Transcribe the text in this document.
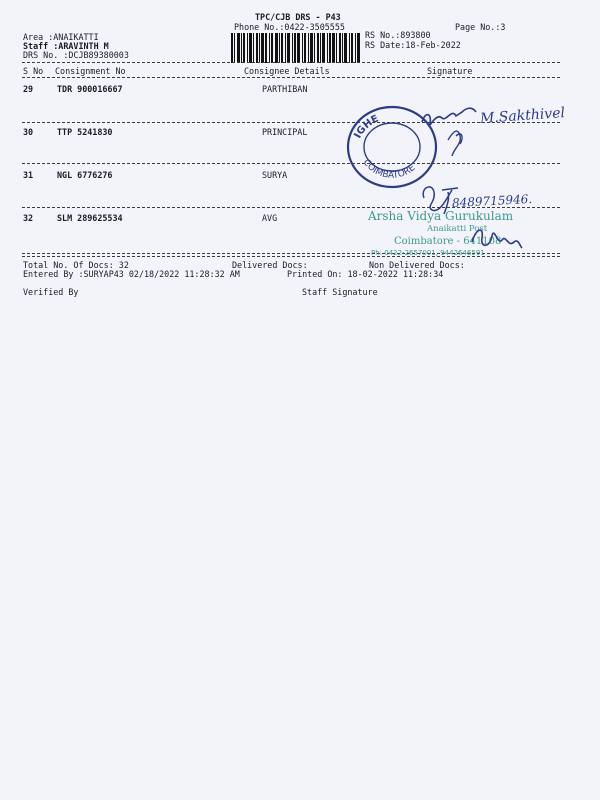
TPC/CJB DRS - P43
Phone No.:0422-3505555	Page No.:3
Area :ANAIKATTI
Staff :ARAVINTH M
DRS No. :DCJB89380003
RS No.:893800
RS Date:18-Feb-2022
S No Consignment No	Consignee Details	Signature
29	TDR 900016667	PARTHIBAN
30	TTP 5241830	PRINCIPAL
31	NGL 6776276	SURYA
32	SLM 289625534	AVG
Total No. Of Docs: 32	Delivered Docs:	Non Delivered Docs:
Entered By :SURYAP43 02/18/2022 11:28:32 AM	Printed On: 18-02-2022 11:28:34
Verified By	Staff Signature
IGHE
COIMBATORE
M.Sakthivel
8489715946.
Arsha Vidya Gurukulam
Anaikatti Post
Coimbatore - 641108
Ph: 0422-2657001, 9442646591
